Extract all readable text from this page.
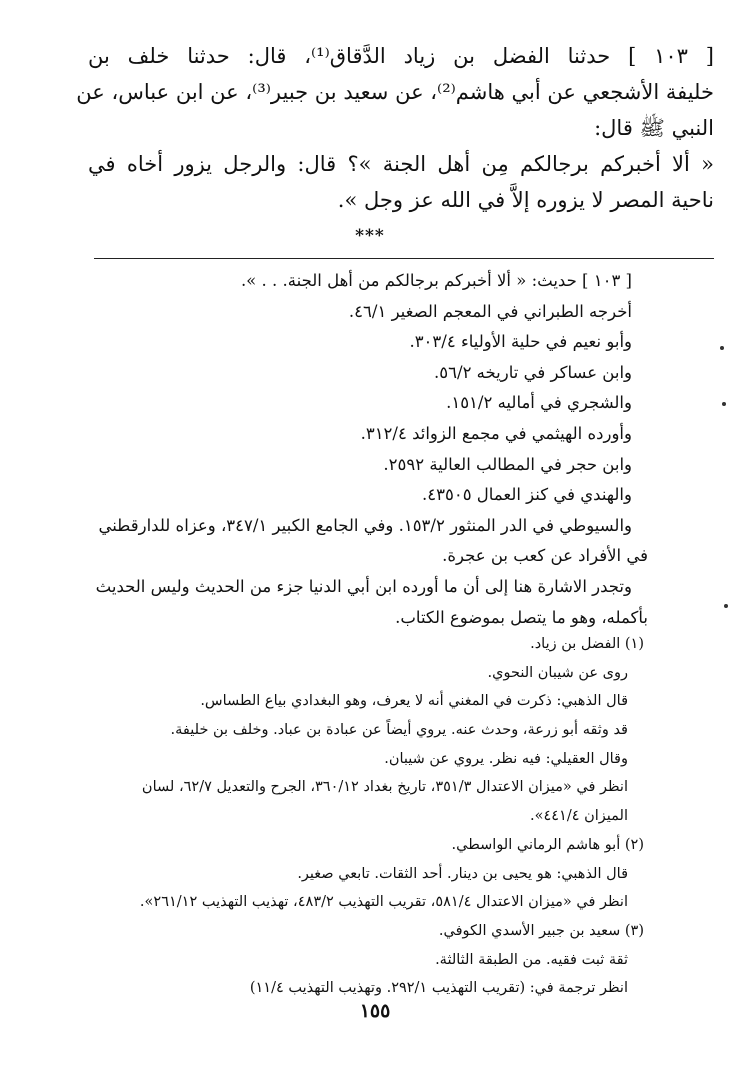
[ ١٠٣ ] حدثنا الفضل بن زياد الدَّقاق⁽¹⁾، قال: حدثنا خلف بن
خليفة الأشجعي عن أبي هاشم⁽²⁾، عن سعيد بن جبير⁽³⁾، عن ابن عباس، عن
النبي ﷺ قال:
« ألا أخبركم برجالكم مِن أهل الجنة »؟ قال: والرجل يزور أخاه في
ناحية المصر لا يزوره إلاَّ في الله عز وجل ».
***
[ ١٠٣ ] حديث: « ألا أخبركم برجالكم من أهل الجنة. . . ».
أخرجه الطبراني في المعجم الصغير ٤٦/١.
وأبو نعيم في حلية الأولياء ٣٠٣/٤.
وابن عساكر في تاريخه ٥٦/٢.
والشجري في أماليه ١٥١/٢.
وأورده الهيثمي في مجمع الزوائد ٣١٢/٤.
وابن حجر في المطالب العالية ٢٥٩٢.
والهندي في كنز العمال ٤٣٥٠٥.
والسيوطي في الدر المنثور ١٥٣/٢. وفي الجامع الكبير ٣٤٧/١، وعزاه للدارقطني
في الأفراد عن كعب بن عجرة.
وتجدر الاشارة هنا إلى أن ما أورده ابن أبي الدنيا جزء من الحديث وليس الحديث
بأكمله، وهو ما يتصل بموضوع الكتاب.
(١) الفضل بن زياد.
روى عن شيبان النحوي.
قال الذهبي: ذكرت في المغني أنه لا يعرف، وهو البغدادي بياع الطساس.
قد وثقه أبو زرعة، وحدث عنه. يروي أيضاً عن عبادة بن عباد. وخلف بن خليفة.
وقال العقيلي: فيه نظر. يروي عن شيبان.
انظر في «ميزان الاعتدال ٣٥١/٣، تاريخ بغداد ٣٦٠/١٢، الجرح والتعديل ٦٢/٧، لسان
الميزان ٤٤١/٤».
(٢) أبو هاشم الرماني الواسطي.
قال الذهبي: هو يحيى بن دينار. أحد الثقات. تابعي صغير.
انظر في «ميزان الاعتدال ٥٨١/٤، تقريب التهذيب ٤٨٣/٢، تهذيب التهذيب ٢٦١/١٢».
(٣) سعيد بن جبير الأسدي الكوفي.
ثقة ثبت فقيه. من الطبقة الثالثة.
انظر ترجمة في: (تقريب التهذيب ٢٩٢/١. وتهذيب التهذيب ١١/٤)
١٥٥
